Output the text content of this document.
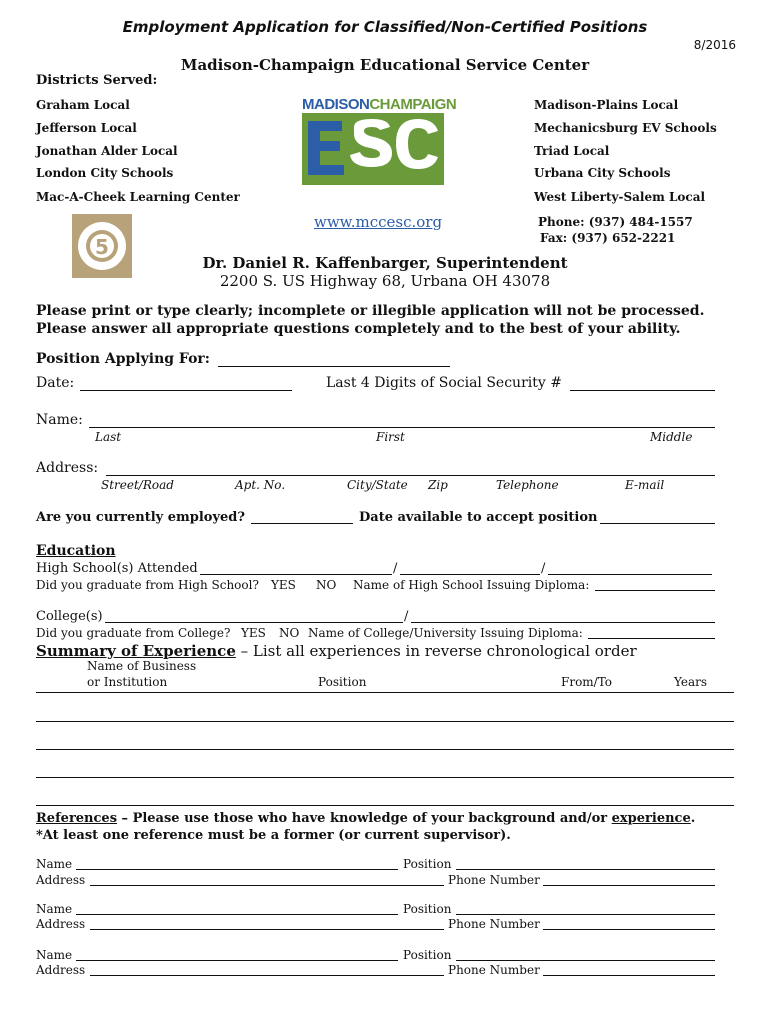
Employment Application for Classified/Non-Certified Positions
8/2016
Madison-Champaign Educational Service Center
Districts Served:
Graham Local
Jefferson Local
Jonathan Alder Local
London City Schools
Mac-A-Cheek Learning Center
Madison-Plains Local
Mechanicsburg EV Schools
Triad Local
Urbana City Schools
West Liberty-Salem Local
MADISONCHAMPAIGN
5
www.mccesc.org	Phone: (937) 484-1557
Fax: (937) 652-2221
Dr. Daniel R. Kaffenbarger, Superintendent
2200 S. US Highway 68, Urbana OH 43078
Please print or type clearly; incomplete or illegible application will not be processed.
Please answer all appropriate questions completely and to the best of your ability.
Position Applying For:
Date:	Last 4 Digits of Social Security #
Name:
Last	First	Middle
Address:
Street/Road	Apt. No.	City/State Zip	Telephone	E-mail
Are you currently employed?	Date available to accept position
Education
High School(s) Attended	/	/
Did you graduate from High School? YES NO Name of High School Issuing Diploma:
College(s)	/
Did you graduate from College? YES NO Name of College/University Issuing Diploma:
Summary of Experience – List all experiences in reverse chronological order
Name of Business
or Institution	Position	From/To	Years
References – Please use those who have knowledge of your background and/or experience.
*At least one reference must be a former (or current supervisor).
Name	Position
Address	Phone Number
Name	Position
Address	Phone Number
Name	Position
Address	Phone Number
